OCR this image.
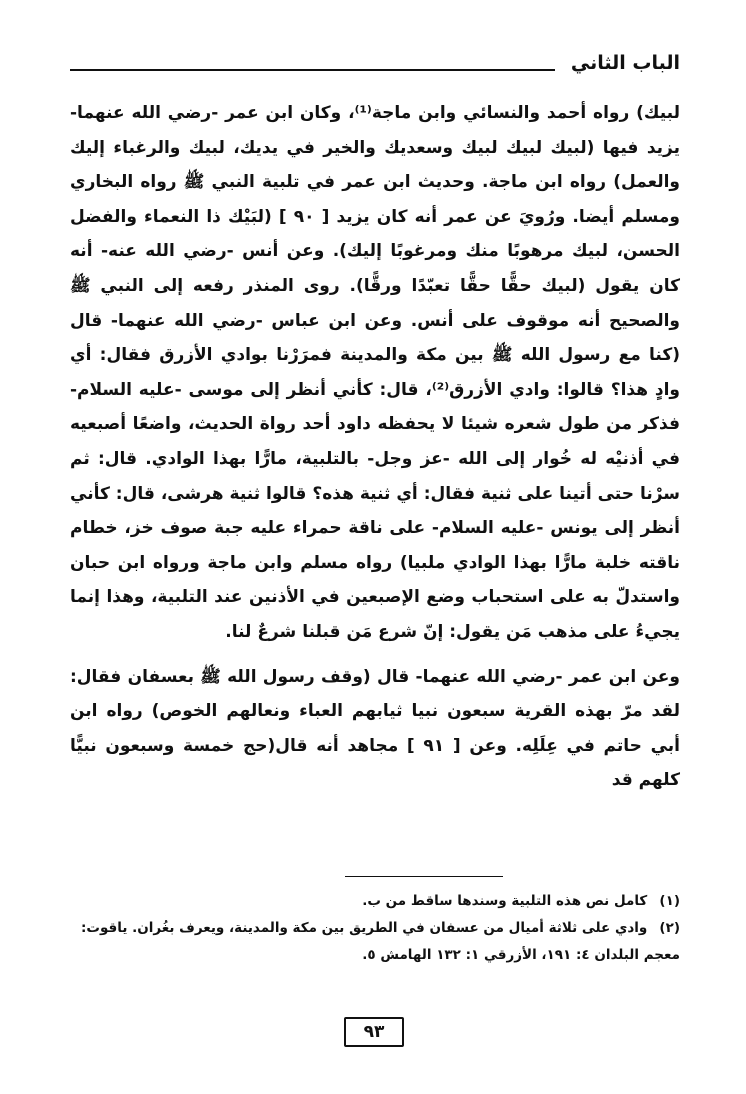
الباب الثاني

لبيك) رواه أحمد والنسائي وابن ماجة⁽¹⁾، وكان ابن عمر -رضي الله عنهما- يزيد فيها (لبيك لبيك لبيك وسعديك والخير في يديك، لبيك والرغباء إليك والعمل) رواه ابن ماجة. وحديث ابن عمر في تلبية النبي ﷺ رواه البخاري ومسلم أيضا. ورُويَ عن عمر أنه كان يزيد [ ٩٠ ] (لبَيْك ذا النعماء والفضل الحسن، لبيك مرهوبًا منك ومرغوبًا إليك). وعن أنس -رضي الله عنه- أنه كان يقول (لبيك حقًّا حقًّا تعبّدًا ورقًّا). روى المنذر رفعه إلى النبي ﷺ والصحيح أنه موقوف على أنس. وعن ابن عباس -رضي الله عنهما- قال (كنا مع رسول الله ﷺ بين مكة والمدينة فمرَرْنا بوادي الأزرق فقال: أي وادٍ هذا؟ قالوا: وادي الأزرق⁽²⁾، قال: كأني أنظر إلى موسى -عليه السلام- فذكر من طول شعره شيئا لا يحفظه داود أحد رواة الحديث، واضعًا أصبعيه في أذنيْه له خُوار إلى الله -عز وجل- بالتلبية، مارًّا بهذا الوادي. قال: ثم سرْنا حتى أتينا على ثنية فقال: أي ثنية هذه؟ قالوا ثنية هرشى، قال: كأني أنظر إلى يونس -عليه السلام- على ناقة حمراء عليه جبة صوف خز، خطام ناقته خلبة مارًّا بهذا الوادي ملبيا) رواه مسلم وابن ماجة ورواه ابن حبان واستدلّ به على استحباب وضع الإصبعين في الأذنين عند التلبية، وهذا إنما يجيءُ على مذهب مَن يقول: إنّ شرع مَن قبلنا شرعٌ لنا.

وعن ابن عمر -رضي الله عنهما- قال (وقف رسول الله ﷺ بعسفان فقال: لقد مرّ بهذه القرية سبعون نبيا ثيابهم العباء ونعالهم الخوص) رواه ابن أبي حاتم في عِلَلِه. وعن [ ٩١ ] مجاهد أنه قال(حج خمسة وسبعون نبيًّا كلهم قد

(١) كامل نص هذه التلبية وسندها ساقط من ب.

(٢) وادي على ثلاثة أميال من عسفان في الطريق بين مكة والمدينة، ويعرف بغُران. ياقوت: معجم البلدان ٤: ١٩١، الأزرقي ١: ١٣٢ الهامش ٥.

٩٣
